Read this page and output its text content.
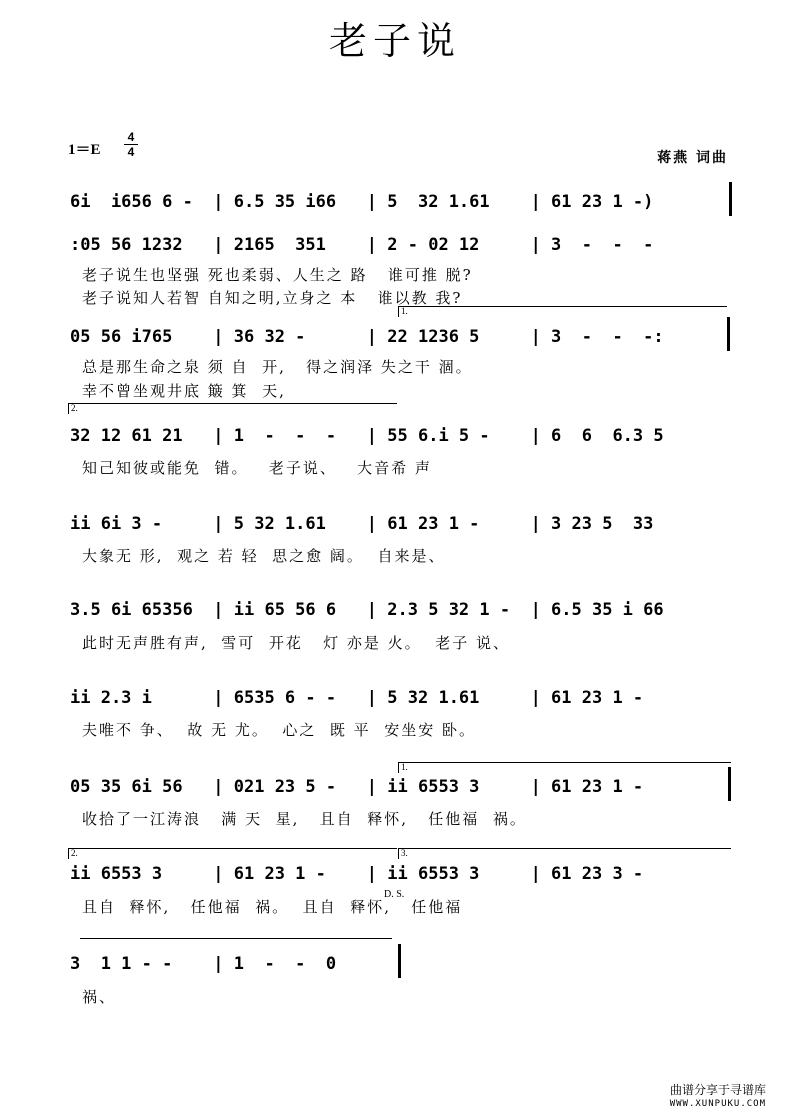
老子说
1＝E
4
4	蒋燕 词曲
6i  i656 6 -  | 6.5 35 i66   | 5  32 1.61    | 61 23 1 -)
:05 56 1232   | 2165  351    | 2 - 02 12     | 3  -  -  -
老子说生也坚强 死也柔弱、人生之 路   谁可推 脱?
老子说知人若智 自知之明,立身之 本   谁以教 我?
1.
05 56 i765    | 36 32 -      | 22 1236 5     | 3  -  -  -:
总是那生命之泉 须 自  开,   得之润泽 失之干 涸。
幸不曾坐观井底 簸 箕  天,
2.
32 12 61 21   | 1  -  -  -   | 55 6.i 5 -    | 6  6  6.3 5
知己知彼或能免  错。   老子说、   大音希 声
ii 6i 3 -     | 5 32 1.61    | 61 23 1 -     | 3 23 5  33
大象无 形,  观之 若 轻  思之愈 阔。  自来是、
3.5 6i 65356  | ii 65 56 6   | 2.3 5 32 1 -  | 6.5 35 i 66
此时无声胜有声,  雪可  开花   灯 亦是 火。  老子 说、
ii 2.3 i      | 6535 6 - -   | 5 32 1.61     | 61 23 1 -
夫唯不 争、  故 无 尤。  心之  既 平  安坐安 卧。
1.
05 35 6i 56   | 021 23 5 -   | ii 6553 3     | 61 23 1 -
收拾了一江涛浪   满 天  星,   且自  释怀,   任他福  祸。
2.	3.
ii 6553 3     | 61 23 1 -    | ii 6553 3     | 61 23 3 -
D. S.
且自  释怀,   任他福  祸。  且自  释怀,   任他福
3  1 1 - -    | 1  -  -  0
祸、
曲谱分享于寻谱库
WWW.XUNPUKU.COM
